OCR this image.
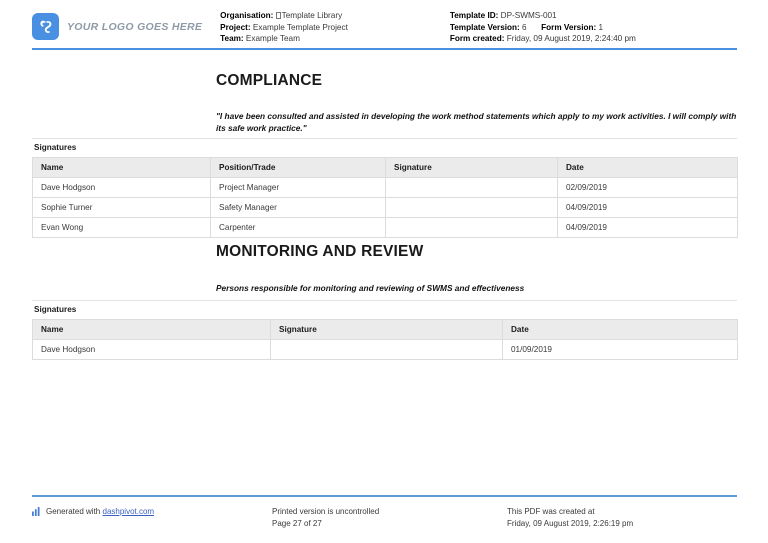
YOUR LOGO GOES HERE
Organisation: Template Library
Project: Example Template Project
Team: Example Team
Template ID: DP-SWMS-001
Template Version: 6 Form Version: 1
Form created: Friday, 09 August 2019, 2:24:40 pm
COMPLIANCE
"I have been consulted and assisted in developing the work method statements which apply to my work activities. I will comply with its safe work practice."
Signatures
Name	Position/Trade	Signature	Date
Dave Hodgson	Project Manager		02/09/2019
Sophie Turner	Safety Manager		04/09/2019
Evan Wong	Carpenter		04/09/2019
MONITORING AND REVIEW
Persons responsible for monitoring and reviewing of SWMS and effectiveness
Signatures
Name	Signature	Date
Dave Hodgson		01/09/2019
Generated with dashpivot.com	Printed version is uncontrolled
Page 27 of 27
This PDF was created at
Friday, 09 August 2019, 2:26:19 pm
